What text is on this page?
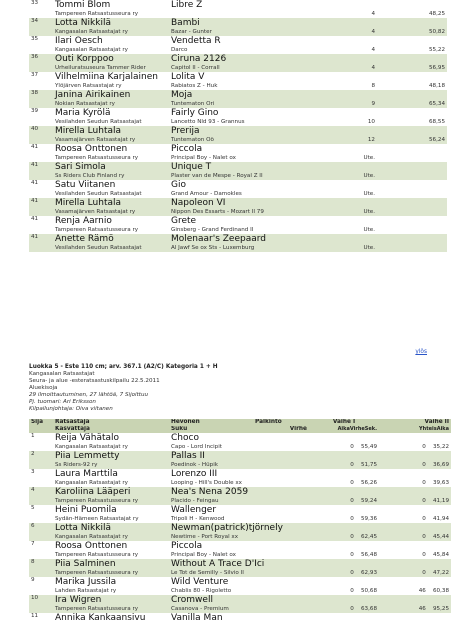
33	Tommi Blom	Libre Z		
	Tampereen Ratsastusseura ry		4	48,25
34	Lotta Nikkilä	Bambi		
	Kangasalan Ratsastajat ry	Bazar - Gunter	4	50,82
35	Ilari Oesch	Vendetta R		
	Kangasalan Ratsastajat ry	Darco	4	55,22
36	Outi Korppoo	Ciruna 2126		
	Urheiluratsuseura Tammer Rider	Capitol II - Corrall	4	56,95
37	Vilhelmiina Karjalainen	Lolita V		
	Ylöjärven Ratsastajat ry	Rabiatos Z - Huk	8	48,18
38	Janina Airikainen	Moja		
	Nokian Ratsastajat ry	Tuntematon Ori	9	65,34
39	Maria Kyrölä	Fairly Gino		
	Vesilahden Seudun Ratsastajat	Lancetto Nld 93 - Grannus	10	68,55
40	Mirella Luhtala	Prerija		
	Vasamajärven Ratsastajat ry	Tuntematon Oö	12	56,24
41	Roosa Onttonen	Piccola		
	Tampereen Ratsastusseura ry	Principal Boy - Nalet ox	Ute.	
41	Sari Simola	Unique T		
	Ss Riders Club Finland ry	Plaster van de Mespe - Royal Z II	Ute.	
41	Satu Viitanen	Gio		
	Vesilahden Seudun Ratsastajat	Grand Amour - Damokles	Ute.	
41	Mirella Luhtala	Napoleon VI		
	Vasamajärven Ratsastajat ry	Nippon Des Essarts - Mozart II 79	Ute.	
41	Renja Aarnio	Grete		
	Tampereen Ratsastusseura ry	Ginsberg - Grand Ferdinand II	Ute.	
41	Anette Rämö	Molenaar's Zeepaard		
	Vesilahden Seudun Ratsastajat	Al Jawf Se ox Sts - Luxemburg	Ute.	
ylös
Luokka 5 - Este 110 cm; arv. 367.1 (A2/C) Kategoria 1 + H
Kangasalan Ratsastajat
Seura- ja alue -esteratsastuskilpailu 22.5.2011
Aluekisoja
29 ilmoittautuminen, 27 lähtöä, 7 Sijoittuu
Pj. tuomari: Ari Eriksson
Kilpailunjohtaja: Oiva viitanen
Sija	Ratsastaja	Hevonen	Palkinto	Vaihe I	Vaihe II
	Kasvattaja	Suku	Virhe	AikaVirheSek.	YhteisAika
1	Reija Vähätalo	Choco			
	Kangasalan Ratsastajat ry	Capo - Lord Incipit		0 55,49	0 35,22
2	Piia Lemmetty	Pallas II			
	Ss Riders-92 ry	Poedinok - Hüpik		0 51,75	0 36,69
3	Laura Marttila	Lorenzo III			
	Kangasalan Ratsastajat ry	Looping - Hill's Double xx		0 56,26	0 39,63
4	Karoliina Lääperi	Nea's Nena 2059			
	Tampereen Ratsastusseura ry	Placido - Feingau		0 59,24	0 41,19
5	Heini Puomila	Wallenger			
	Sydän-Hämeen Ratsastajat ry	Tripoli H - Kenwood		0 59,36	0 41,94
6	Lotta Nikkilä	Newman(patrick)tjörnely			
	Kangasalan Ratsastajat ry	Newtime - Port Royal xx		0 62,45	0 45,44
7	Roosa Onttonen	Piccola			
	Tampereen Ratsastusseura ry	Principal Boy - Nalet ox		0 56,48	0 45,84
8	Piia Salminen	Without A Trace D'Ici			
	Tampereen Ratsastusseura ry	Le Tot de Semilly - Silvio II		0 62,93	0 47,22
9	Marika Jussila	Wild Venture			
	Lahden Ratsastajat ry	Chablis 80 - Rigoletto		0 50,68	46 60,38
10	Ira Wigren	Cromwell			
	Tampereen Ratsastusseura ry	Casanova - Premium		0 63,68	46 95,25
11	Annika Kankaansivu	Vanilla Man			
